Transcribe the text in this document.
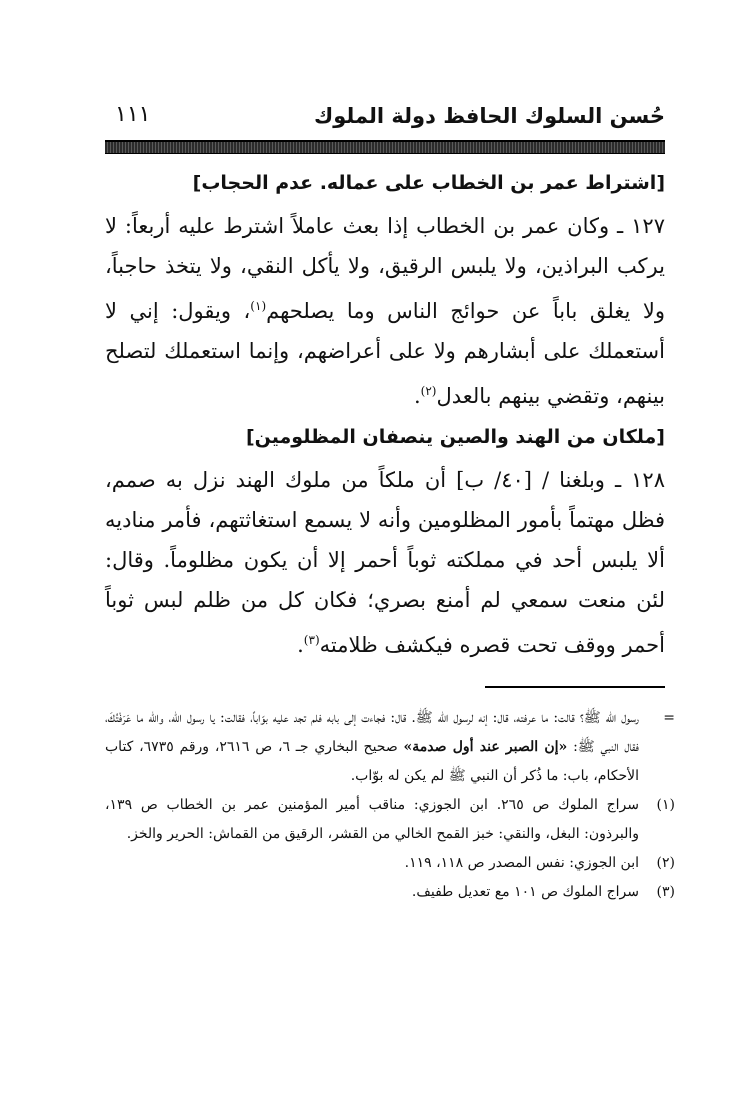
حُسن السلوك الحافظ دولة الملوك
١١١
[اشتراط عمر بن الخطاب على عماله. عدم الحجاب]

١٢٧ ـ وكان عمر بن الخطاب إذا بعث عاملاً اشترط عليه أربعاً: لا يركب البراذين، ولا يلبس الرقيق، ولا يأكل النقي، ولا يتخذ حاجباً، ولا يغلق باباً عن حوائج الناس وما يصلحهم$^{(١)}$، ويقول: إني لا أستعملك على أبشارهم ولا على أعراضهم، وإنما استعملك لتصلح بينهم، وتقضي بينهم بالعدل$^{(٢)}$.

[ملكان من الهند والصين ينصفان المظلومين]

١٢٨ ـ وبلغنا / [٤٠/ ب] أن ملكاً من ملوك الهند نزل به صمم، فظل مهتماً بأمور المظلومين وأنه لا يسمع استغاثتهم، فأمر مناديه ألا يلبس أحد في مملكته ثوباً أحمر إلا أن يكون مظلوماً. وقال: لئن منعت سمعي لم أمنع بصري؛ فكان كل من ظلم لبس ثوباً أحمر ووقف تحت قصره فيكشف ظلامته$^{(٣)}$.

=
رسول الله ﷺ؟ قالت: ما عرفته، قال: إنه لرسول الله ﷺ. قال: فجاءت إلى بابه فلم تجد عليه بوّاباً، فقالت: يا رسول الله، والله ما عَرَفْتُكَ، فقال النبي ﷺ: «إن الصبر عند أول صدمة» صحيح البخاري جـ ٦، ص ٢٦١٦، ورقم ٦٧٣٥، كتاب الأحكام، باب: ما ذُكر أن النبي ﷺ لم يكن له بوّاب.

(١)
سراج الملوك ص ٢٦٥. ابن الجوزي: مناقب أمير المؤمنين عمر بن الخطاب ص ١٣٩، والبرذون: البغل، والنقي: خبز القمح الخالي من القشر، الرقيق من القماش: الحرير والخز.

(٢)
ابن الجوزي: نفس المصدر ص ١١٨، ١١٩.

(٣)
سراج الملوك ص ١٠١ مع تعديل طفيف.
